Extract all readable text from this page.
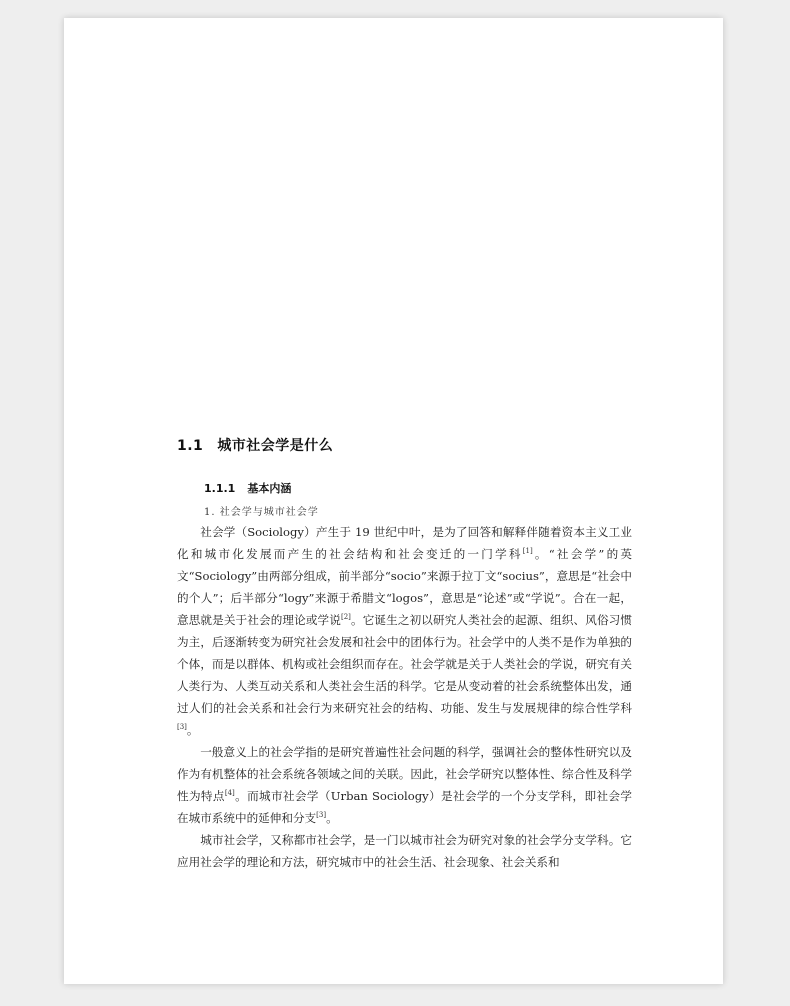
1.1 城市社会学是什么
1.1.1 基本内涵
1. 社会学与城市社会学

社会学（Sociology）产生于 19 世纪中叶，是为了回答和解释伴随着资本主义工业化和城市化发展而产生的社会结构和社会变迁的一门学科[1]。“社会学”的英文“Sociology”由两部分组成，前半部分“socio”来源于拉丁文“socius”，意思是“社会中的个人”；后半部分“logy”来源于希腊文“logos”，意思是“论述”或“学说”。合在一起，意思就是关于社会的理论或学说[2]。它诞生之初以研究人类社会的起源、组织、风俗习惯为主，后逐渐转变为研究社会发展和社会中的团体行为。社会学中的人类不是作为单独的个体，而是以群体、机构或社会组织而存在。社会学就是关于人类社会的学说，研究有关人类行为、人类互动关系和人类社会生活的科学。它是从变动着的社会系统整体出发，通过人们的社会关系和社会行为来研究社会的结构、功能、发生与发展规律的综合性学科[3]。

一般意义上的社会学指的是研究普遍性社会问题的科学，强调社会的整体性研究以及作为有机整体的社会系统各领域之间的关联。因此，社会学研究以整体性、综合性及科学性为特点[4]。而城市社会学（Urban Sociology）是社会学的一个分支学科，即社会学在城市系统中的延伸和分支[3]。

城市社会学，又称都市社会学，是一门以城市社会为研究对象的社会学分支学科。它应用社会学的理论和方法，研究城市中的社会生活、社会现象、社会关系和
